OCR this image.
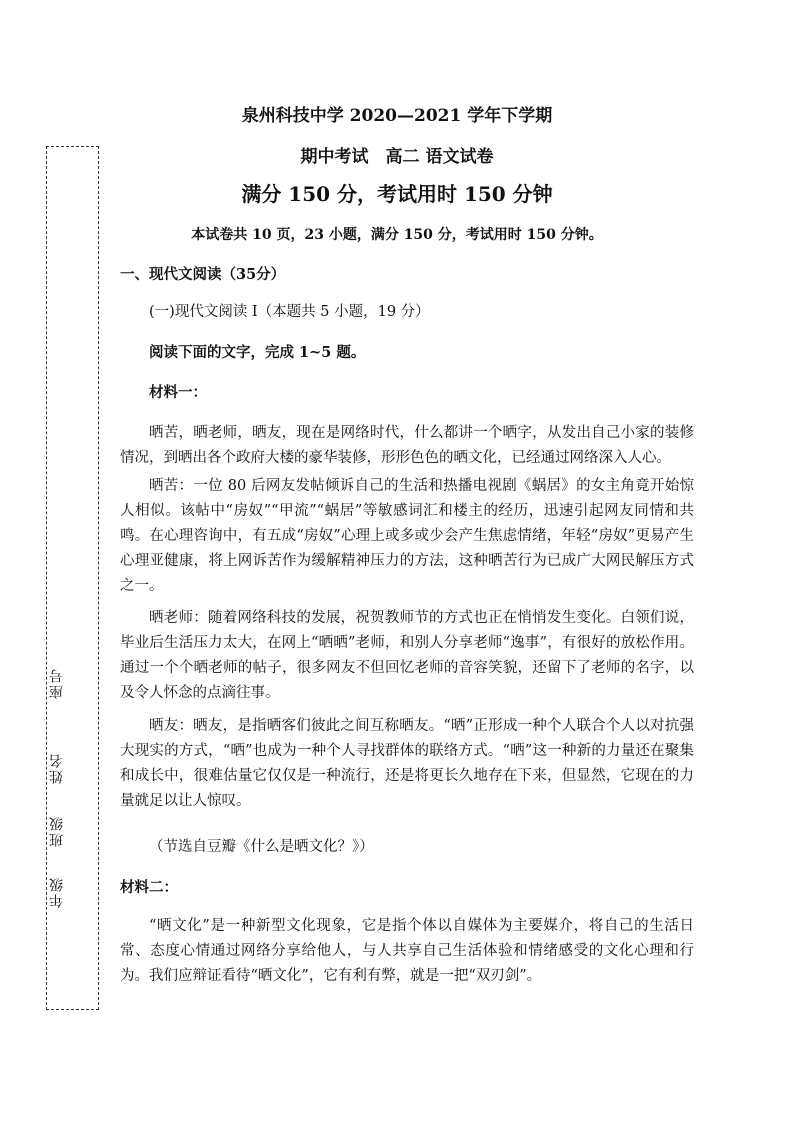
座号
姓名
班级
年级
泉州科技中学 2020—2021 学年下学期
期中考试　高二 语文试卷
满分 150 分，考试用时 150 分钟
本试卷共 10 页，23 小题，满分 150 分，考试用时 150 分钟。
一、现代文阅读（35分）
(一)现代文阅读 I（本题共 5 小题，19 分）
阅读下面的文字，完成 1~5 题。
材料一：
晒苦，晒老师，晒友，现在是网络时代，什么都讲一个晒字，从发出自己小家的装修情况，到晒出各个政府大楼的豪华装修，形形色色的晒文化，已经通过网络深入人心。
晒苦：一位 80 后网友发帖倾诉自己的生活和热播电视剧《蜗居》的女主角竟开始惊人相似。该帖中“房奴”“甲流”“蜗居”等敏感词汇和楼主的经历，迅速引起网友同情和共鸣。在心理咨询中，有五成“房奴”心理上或多或少会产生焦虑情绪，年轻“房奴”更易产生心理亚健康，将上网诉苦作为缓解精神压力的方法，这种晒苦行为已成广大网民解压方式之一。
晒老师：随着网络科技的发展，祝贺教师节的方式也正在悄悄发生变化。白领们说，毕业后生活压力太大，在网上“晒晒”老师，和别人分享老师“逸事”，有很好的放松作用。通过一个个晒老师的帖子，很多网友不但回忆老师的音容笑貌，还留下了老师的名字，以及令人怀念的点滴往事。
晒友：晒友，是指晒客们彼此之间互称晒友。“晒”正形成一种个人联合个人以对抗强大现实的方式，“晒”也成为一种个人寻找群体的联络方式。“晒”这一种新的力量还在聚集和成长中，很难估量它仅仅是一种流行，还是将更长久地存在下来，但显然，它现在的力量就足以让人惊叹。
（节选自豆瓣《什么是晒文化？》）
材料二：
“晒文化”是一种新型文化现象，它是指个体以自媒体为主要媒介，将自己的生活日常、态度心情通过网络分享给他人，与人共享自己生活体验和情绪感受的文化心理和行为。我们应辩证看待“晒文化”，它有利有弊，就是一把“双刃剑”。
